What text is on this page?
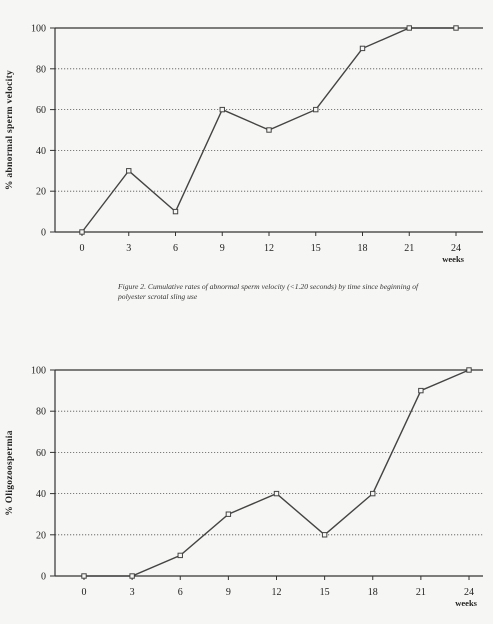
0
20
40
60
80
100
0	3	6	9	12	15	18	21	24
weeks
% abnormal sperm velocity
0
20
40
60
80
100
0	3	6	9	12	15	18	21	24
weeks
% Oligozoospermia
Figure 2. Cumulative rates of abnormal sperm velocity (<1.20 seconds) by time since beginning of polyester scrotal sling use
